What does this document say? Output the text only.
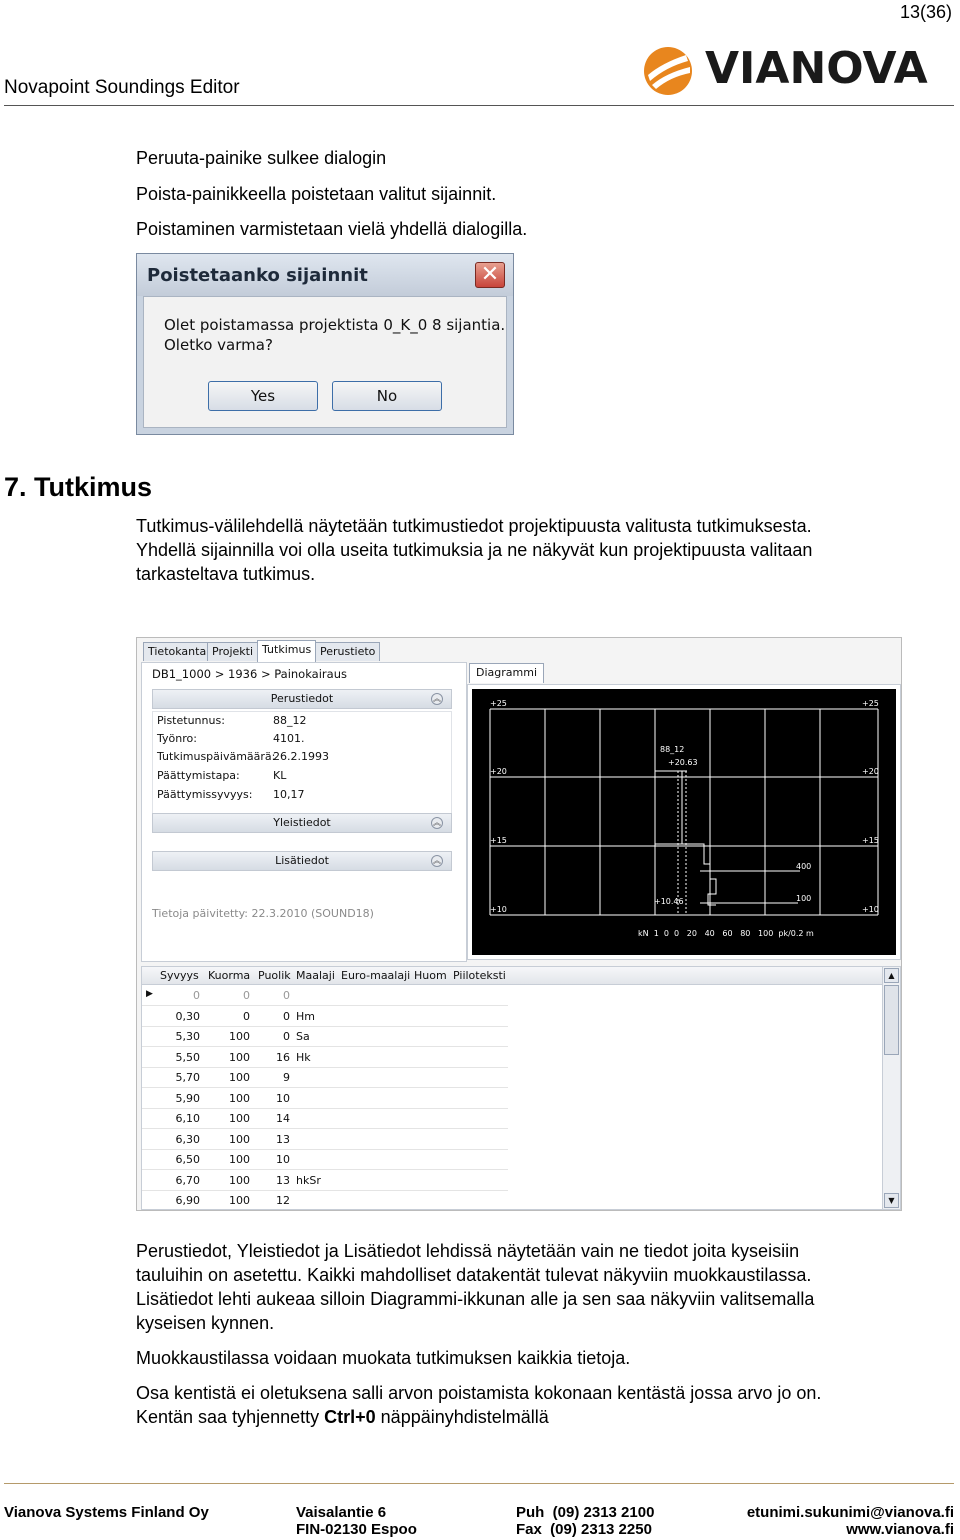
13(36)
Novapoint Soundings Editor	VIANOVA
Peruuta-painike sulkee dialogin
Poista-painikkeella poistetaan valitut sijainnit.
Poistaminen varmistetaan vielä yhdellä dialogilla.
Poistetaanko sijainnit	✕
Olet poistamassa projektista 0_K_0 8 sijantia.
Oletko varma?
Yes	No
7. Tutkimus
Tutkimus-välilehdellä näytetään tutkimustiedot projektipuusta valitusta tutkimuksesta.
Yhdellä sijainnilla voi olla useita tutkimuksia ja ne näkyvät kun projektipuusta valitaan
tarkasteltava tutkimus.
Tietokanta Projekti Tutkimus Perustieto
DB1_1000 > 1936 > Painokairaus
Perustiedot	︽
Pistetunnus:	88_12
Työnro:	4101.
Tutkimuspäivämäärä:
26.2.1993
Päättymistapa:	KL
Päättymissyvyys: 10,17
Yleistiedot	︽
Lisätiedot	︽
Tietoja päivitetty: 22.3.2010 (SOUND18)
Diagrammi
+25
+20
+15
+10
+25
+20
+15
+10
88_12
+20.63
+10.46
400
100
kN  1  0  0   20   40   60   80   100  pk/0.2 m
Syvyys Kuorma Puolik Maalaji Euro-maalaji Huom Piiloteksti
▶	0	0	0
0,30	0	0 Hm
5,30	100	0 Sa
5,50	100	16 Hk
5,70	100	9
5,90	100	10
6,10	100	14
6,30	100	13
6,50	100	10
6,70	100	13 hkSr
6,90	100	12
▲
▼
Perustiedot, Yleistiedot ja Lisätiedot lehdissä näytetään vain ne tiedot joita kyseisiin
tauluihin on asetettu. Kaikki mahdolliset datakentät tulevat näkyviin muokkaustilassa.
Lisätiedot lehti aukeaa silloin Diagrammi-ikkunan alle ja sen saa näkyviin valitsemalla
kyseisen kynnen.
Muokkaustilassa voidaan muokata tutkimuksen kaikkia tietoja.
Osa kentistä ei oletuksena salli arvon poistamista kokonaan kentästä jossa arvo jo on.
Kentän saa tyhjennetty Ctrl+0 näppäinyhdistelmällä
Vianova Systems Finland Oy	Vaisalantie 6
FIN-02130 Espoo
Puh  (09) 2313 2100
Fax  (09) 2313 2250
etunimi.sukunimi@vianova.fi
www.vianova.fi
